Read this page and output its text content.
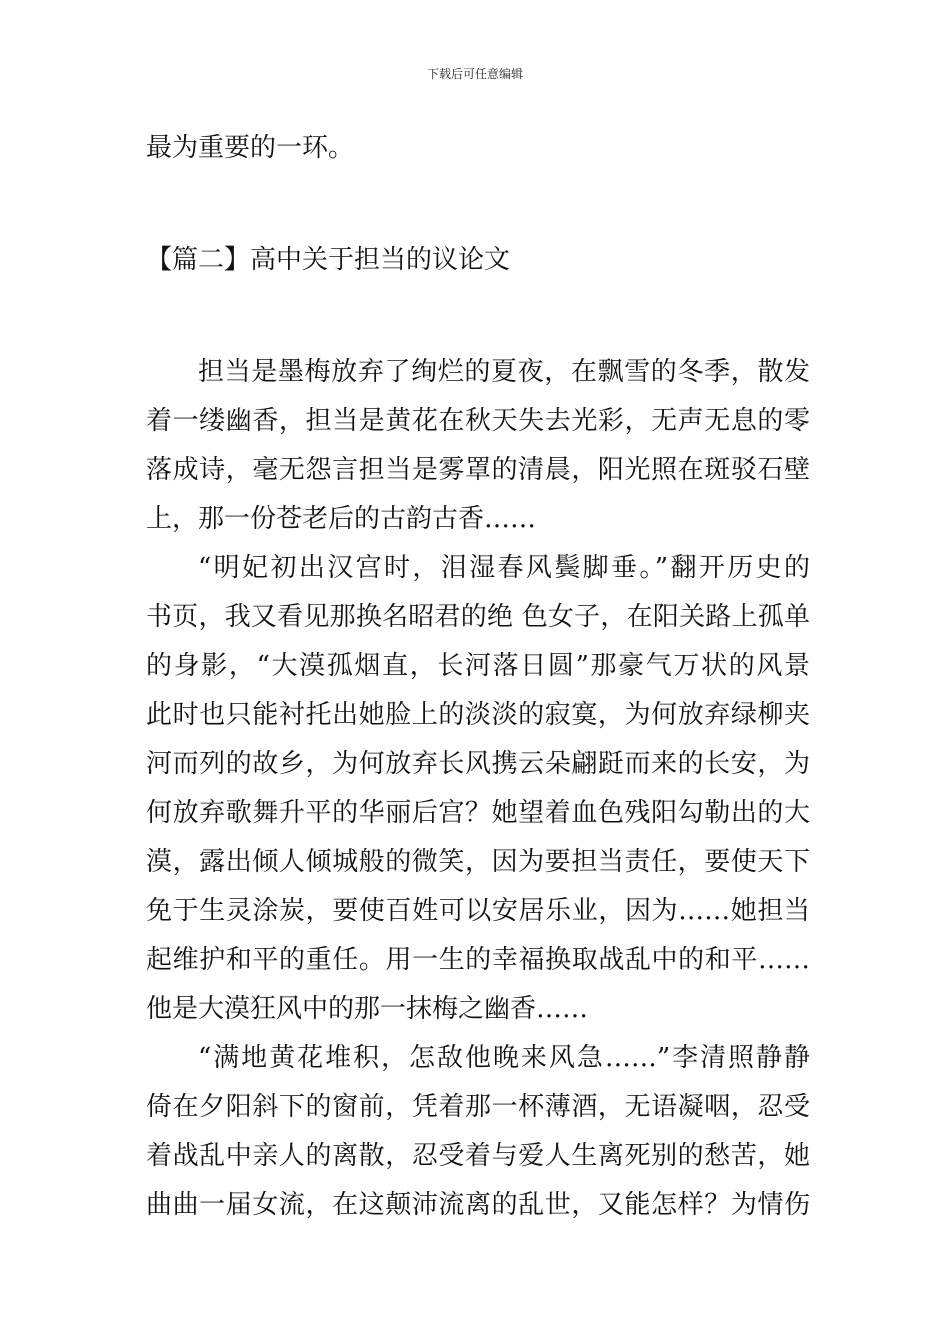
下载后可任意编辑
最为重要的一环。
【篇二】高中关于担当的议论文
担当是墨梅放弃了绚烂的夏夜，在飘雪的冬季，散发
着一缕幽香，担当是黄花在秋天失去光彩，无声无息的零
落成诗，毫无怨言担当是雾罩的清晨，阳光照在斑驳石壁
上，那一份苍老后的古韵古香……
“明妃初出汉宫时，泪湿春风鬓脚垂。”翻开历史的
书页，我又看见那换名昭君的绝 色女子，在阳关路上孤单
的身影，“大漠孤烟直，长河落日圆”那豪气万状的风景
此时也只能衬托出她脸上的淡淡的寂寞，为何放弃绿柳夹
河而列的故乡，为何放弃长风携云朵翩跹而来的长安，为
何放弃歌舞升平的华丽后宫？她望着血色残阳勾勒出的大
漠，露出倾人倾城般的微笑，因为要担当责任，要使天下
免于生灵涂炭，要使百姓可以安居乐业，因为……她担当
起维护和平的重任。用一生的幸福换取战乱中的和平……
他是大漠狂风中的那一抹梅之幽香……
“满地黄花堆积，怎敌他晚来风急……”李清照静静
倚在夕阳斜下的窗前，凭着那一杯薄酒，无语凝咽，忍受
着战乱中亲人的离散，忍受着与爱人生离死别的愁苦，她
曲曲一届女流，在这颠沛流离的乱世，又能怎样？为情伤
